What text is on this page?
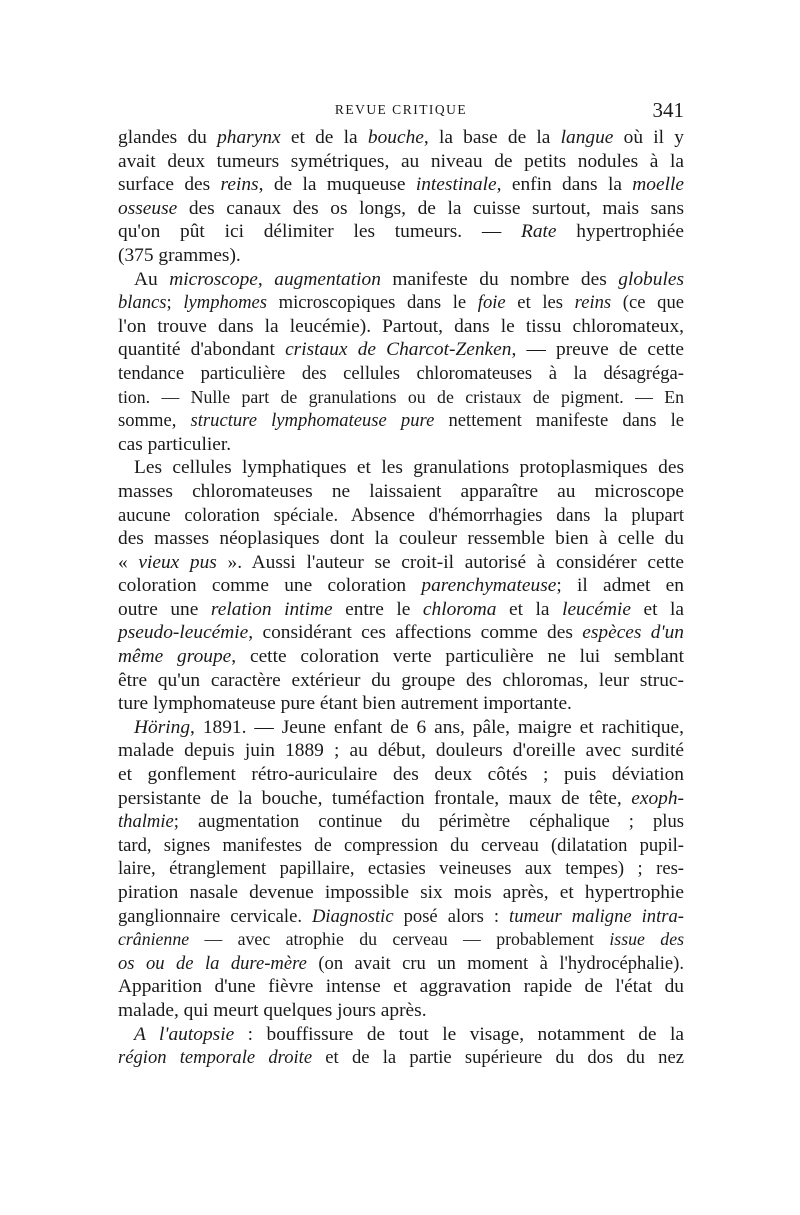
REVUE CRITIQUE	341
glandes du pharynx et de la bouche, la base de la langue où il y
avait deux tumeurs symétriques, au niveau de petits nodules à la
surface des reins, de la muqueuse intestinale, enfin dans la moelle
osseuse des canaux des os longs, de la cuisse surtout, mais sans
qu'on pût ici délimiter les tumeurs. — Rate hypertrophiée
(375 grammes).
Au microscope, augmentation manifeste du nombre des globules
blancs; lymphomes microscopiques dans le foie et les reins (ce que
l'on trouve dans la leucémie). Partout, dans le tissu chloromateux,
quantité d'abondant cristaux de Charcot-Zenken, — preuve de cette
tendance particulière des cellules chloromateuses à la désagréga-
tion. — Nulle part de granulations ou de cristaux de pigment. — En
somme, structure lymphomateuse pure nettement manifeste dans le
cas particulier.
Les cellules lymphatiques et les granulations protoplasmiques des
masses chloromateuses ne laissaient apparaître au microscope
aucune coloration spéciale. Absence d'hémorrhagies dans la plupart
des masses néoplasiques dont la couleur ressemble bien à celle du
« vieux pus ». Aussi l'auteur se croit-il autorisé à considérer cette
coloration comme une coloration parenchymateuse; il admet en
outre une relation intime entre le chloroma et la leucémie et la
pseudo-leucémie, considérant ces affections comme des espèces d'un
même groupe, cette coloration verte particulière ne lui semblant
être qu'un caractère extérieur du groupe des chloromas, leur struc-
ture lymphomateuse pure étant bien autrement importante.
Höring, 1891. — Jeune enfant de 6 ans, pâle, maigre et rachitique,
malade depuis juin 1889 ; au début, douleurs d'oreille avec surdité
et gonflement rétro-auriculaire des deux côtés ; puis déviation
persistante de la bouche, tuméfaction frontale, maux de tête, exoph-
thalmie; augmentation continue du périmètre céphalique ; plus
tard, signes manifestes de compression du cerveau (dilatation pupil-
laire, étranglement papillaire, ectasies veineuses aux tempes) ; res-
piration nasale devenue impossible six mois après, et hypertrophie
ganglionnaire cervicale. Diagnostic posé alors : tumeur maligne intra-
crânienne — avec atrophie du cerveau — probablement issue des
os ou de la dure-mère (on avait cru un moment à l'hydrocéphalie).
Apparition d'une fièvre intense et aggravation rapide de l'état du
malade, qui meurt quelques jours après.
A l'autopsie : bouffissure de tout le visage, notamment de la
région temporale droite et de la partie supérieure du dos du nez
